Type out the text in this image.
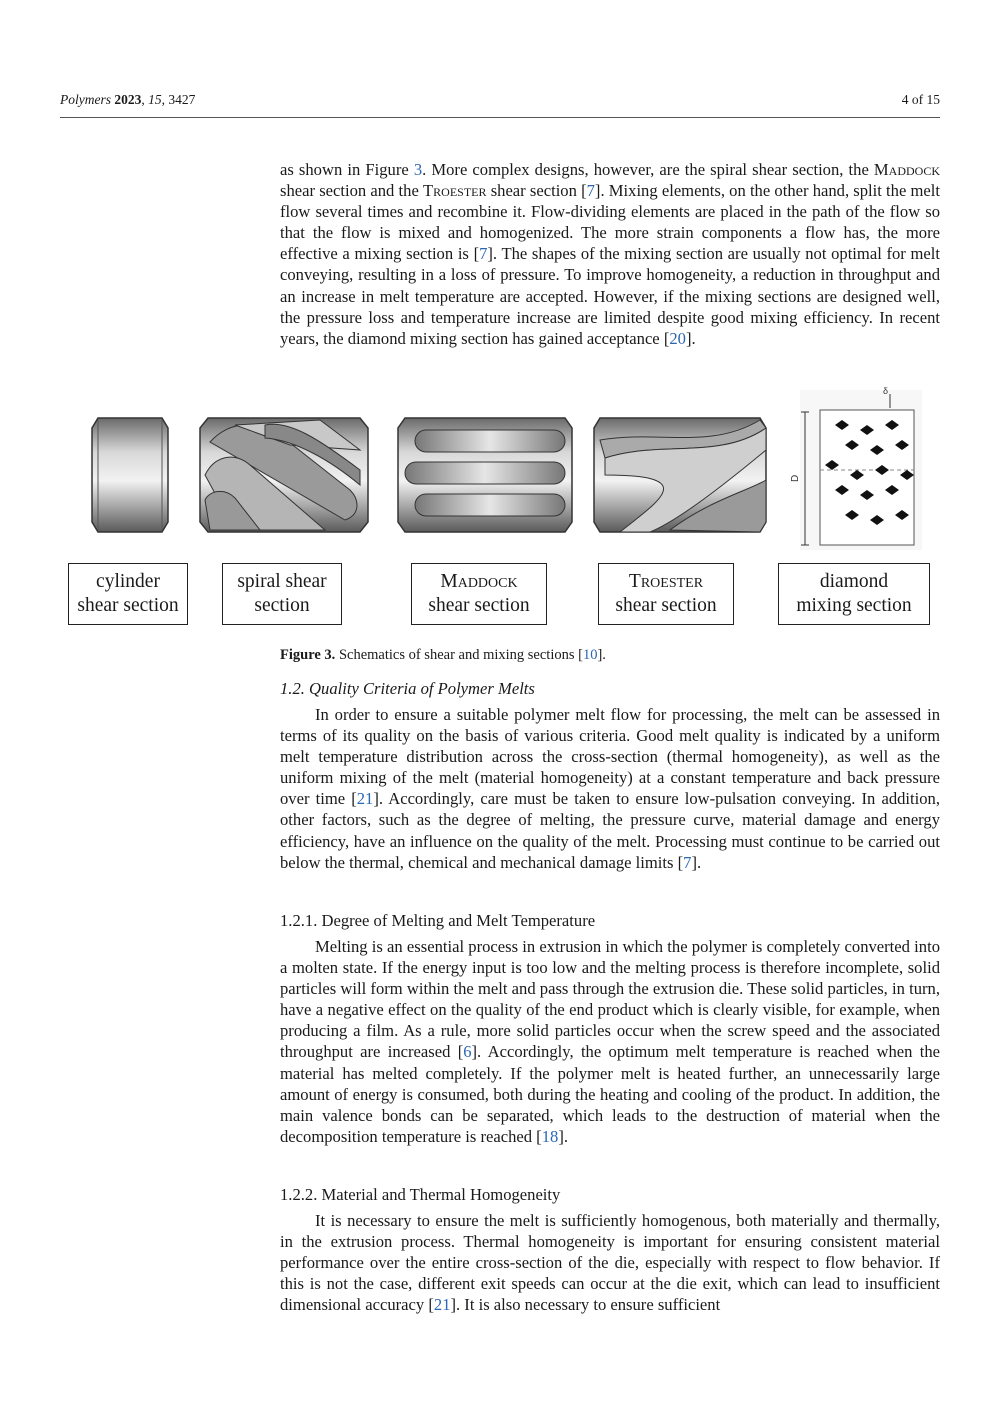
Polymers 2023, 15, 3427	4 of 15

as shown in Figure 3. More complex designs, however, are the spiral shear section, the Maddock shear section and the Troester shear section [7]. Mixing elements, on the other hand, split the melt flow several times and recombine it. Flow-dividing elements are placed in the path of the flow so that the flow is mixed and homogenized. The more strain components a flow has, the more effective a mixing section is [7]. The shapes of the mixing section are usually not optimal for melt conveying, resulting in a loss of pressure. To improve homogeneity, a reduction in throughput and an increase in melt temperature are accepted. However, if the mixing sections are designed well, the pressure loss and temperature increase are limited despite good mixing efficiency. In recent years, the diamond mixing section has gained acceptance [20].

D
δ
cylinder
shear section
spiral shear
section
Maddock
shear section
Troester
shear section
diamond
mixing section
Figure 3. Schematics of shear and mixing sections [10].
1.2. Quality Criteria of Polymer Melts

In order to ensure a suitable polymer melt flow for processing, the melt can be assessed in terms of its quality on the basis of various criteria. Good melt quality is indicated by a uniform melt temperature distribution across the cross-section (thermal homogeneity), as well as the uniform mixing of the melt (material homogeneity) at a constant temperature and back pressure over time [21]. Accordingly, care must be taken to ensure low-pulsation conveying. In addition, other factors, such as the degree of melting, the pressure curve, material damage and energy efficiency, have an influence on the quality of the melt. Processing must continue to be carried out below the thermal, chemical and mechanical damage limits [7].

1.2.1. Degree of Melting and Melt Temperature

Melting is an essential process in extrusion in which the polymer is completely converted into a molten state. If the energy input is too low and the melting process is therefore incomplete, solid particles will form within the melt and pass through the extrusion die. These solid particles, in turn, have a negative effect on the quality of the end product which is clearly visible, for example, when producing a film. As a rule, more solid particles occur when the screw speed and the associated throughput are increased [6]. Accordingly, the optimum melt temperature is reached when the material has melted completely. If the polymer melt is heated further, an unnecessarily large amount of energy is consumed, both during the heating and cooling of the product. In addition, the main valence bonds can be separated, which leads to the destruction of material when the decomposition temperature is reached [18].

1.2.2. Material and Thermal Homogeneity

It is necessary to ensure the melt is sufficiently homogenous, both materially and thermally, in the extrusion process. Thermal homogeneity is important for ensuring consistent material performance over the entire cross-section of the die, especially with respect to flow behavior. If this is not the case, different exit speeds can occur at the die exit, which can lead to insufficient dimensional accuracy [21]. It is also necessary to ensure sufficient
